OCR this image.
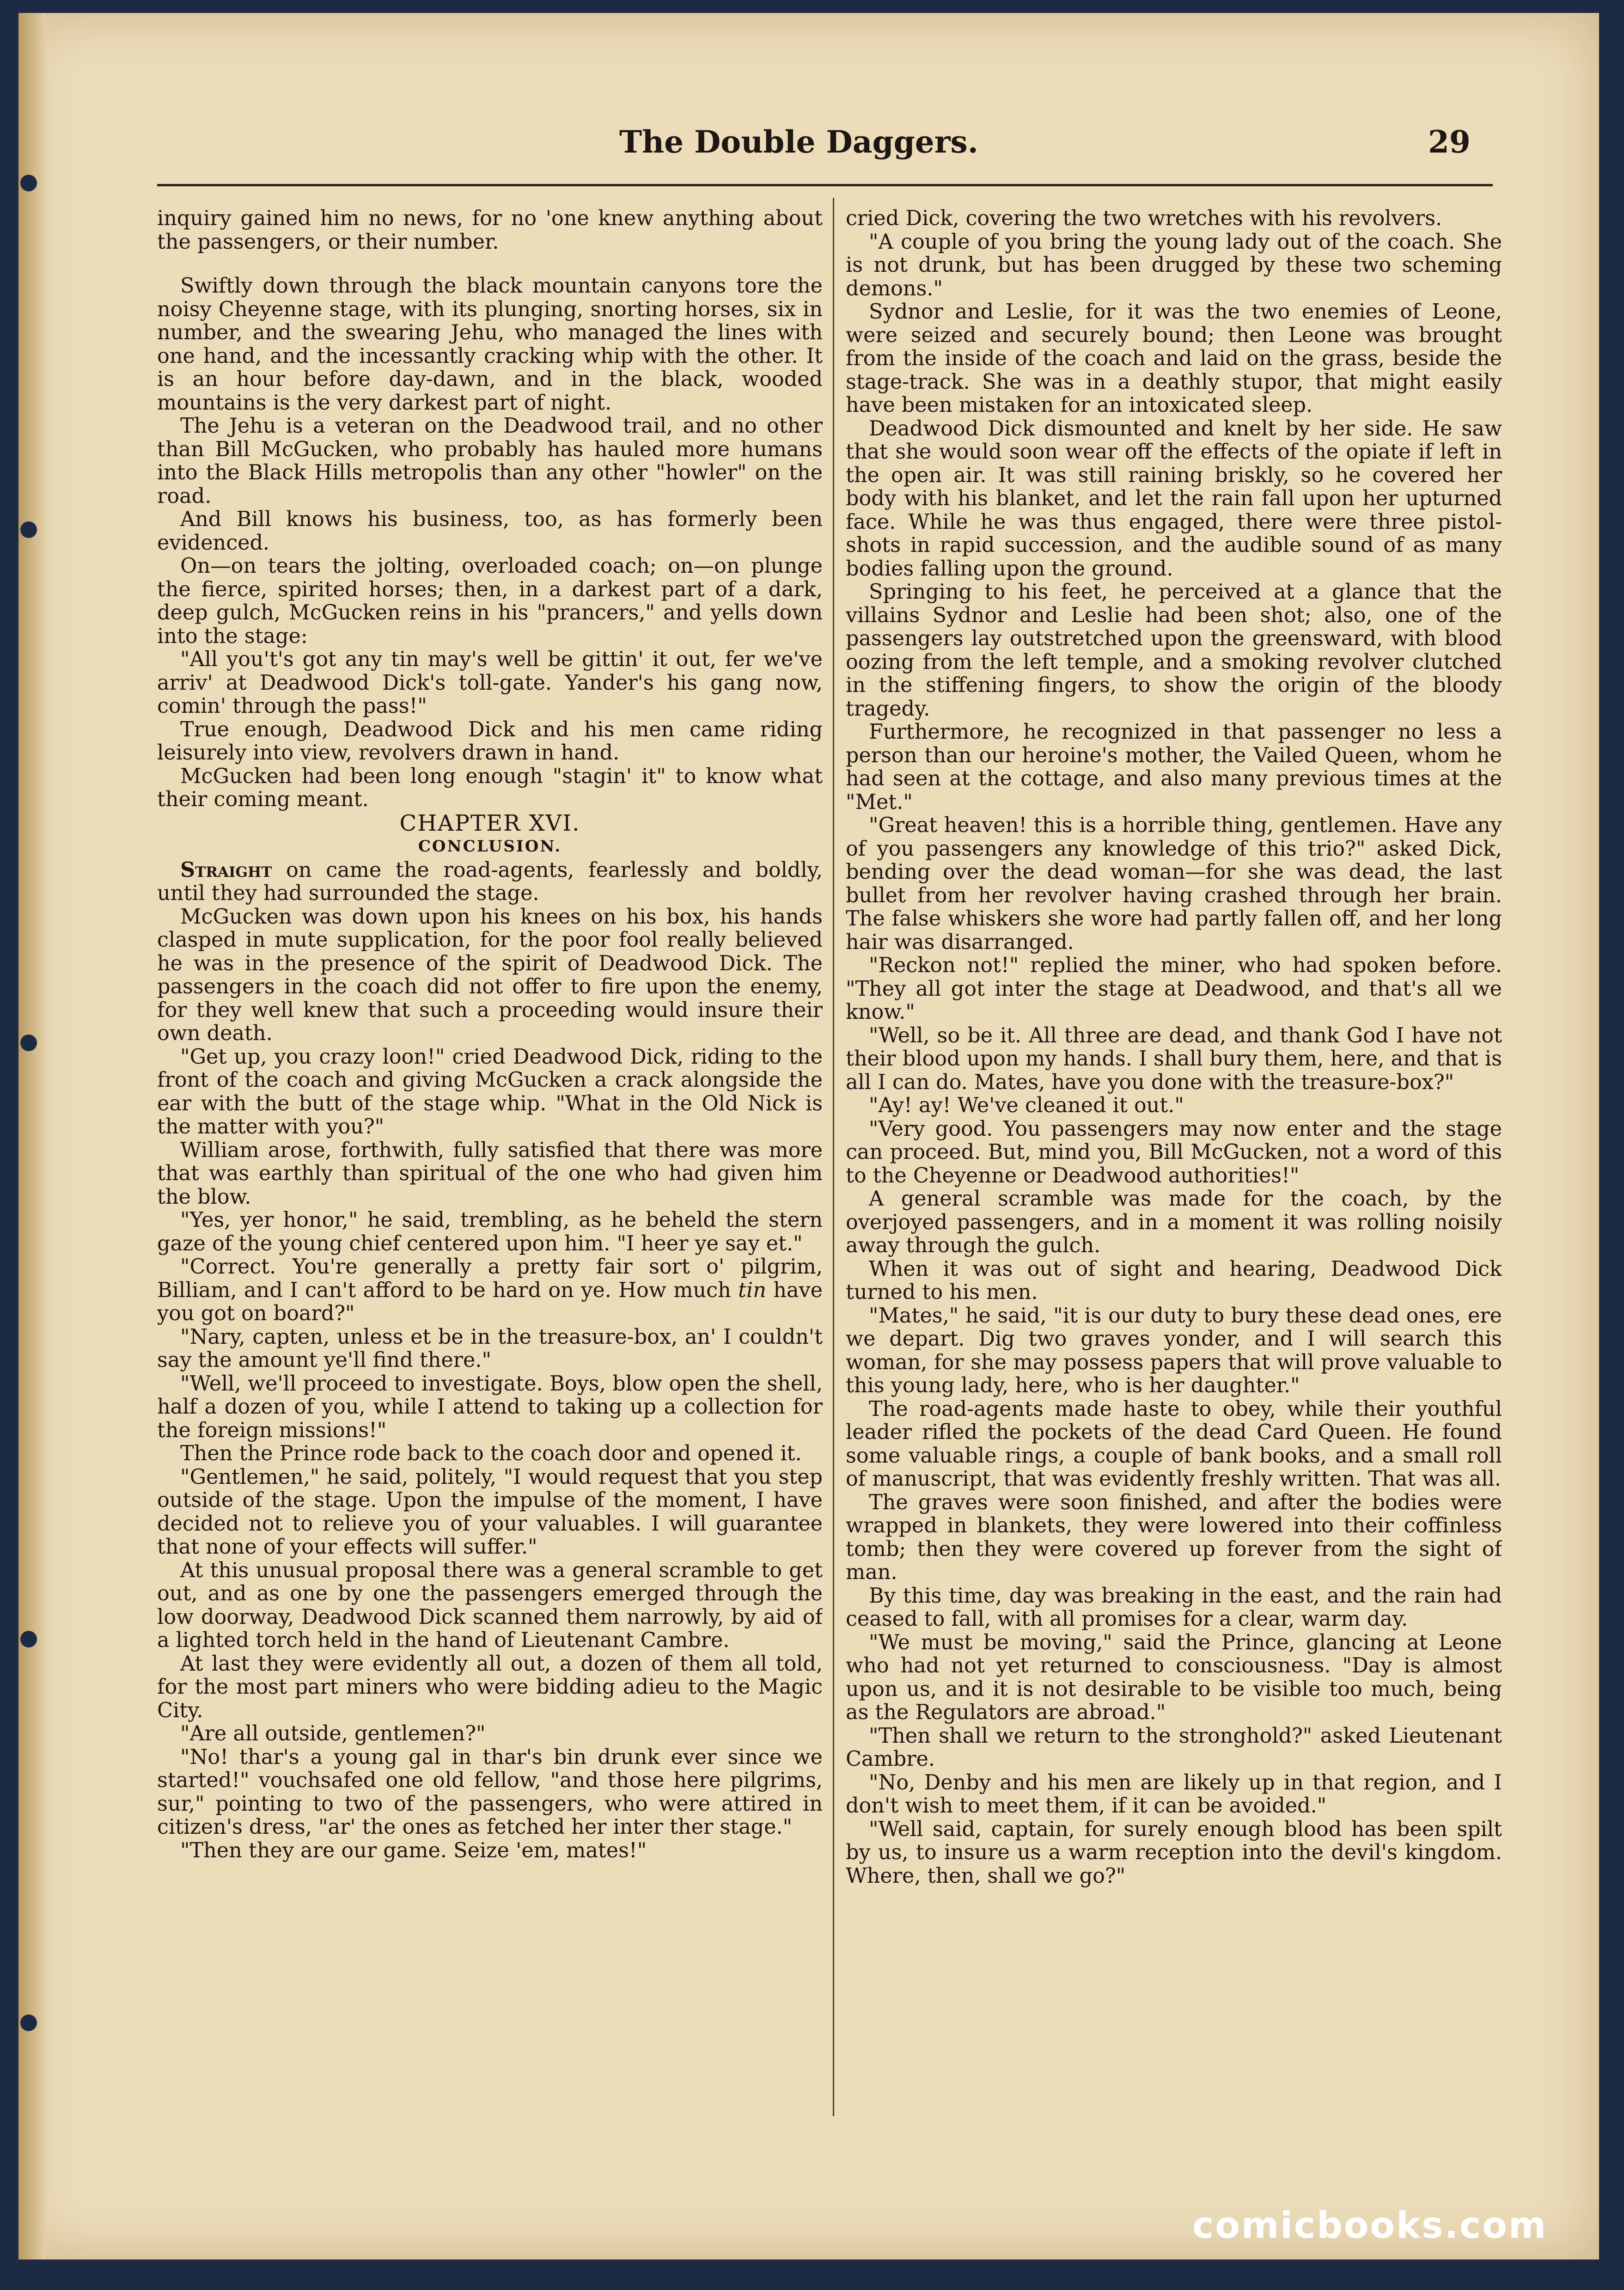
The Double Daggers.	29

inquiry gained him no news, for no 'one knew anything about the passengers, or their number.

Swiftly down through the black mountain canyons tore the noisy Cheyenne stage, with its plunging, snorting horses, six in number, and the swearing Jehu, who managed the lines with one hand, and the incessantly cracking whip with the other. It is an hour before day-dawn, and in the black, wooded mountains is the very darkest part of night.

The Jehu is a veteran on the Deadwood trail, and no other than Bill McGucken, who probably has hauled more humans into the Black Hills metropolis than any other "howler" on the road.

And Bill knows his business, too, as has formerly been evidenced.

On—on tears the jolting, overloaded coach; on—on plunge the fierce, spirited horses; then, in a darkest part of a dark, deep gulch, McGucken reins in his "prancers," and yells down into the stage:

"All you't's got any tin may's well be gittin' it out, fer we've arriv' at Deadwood Dick's toll-gate. Yander's his gang now, comin' through the pass!"

True enough, Deadwood Dick and his men came riding leisurely into view, revolvers drawn in hand.

McGucken had been long enough "stagin' it" to know what their coming meant.

CHAPTER XVI.

CONCLUSION.

Straight on came the road-agents, fearlessly and boldly, until they had surrounded the stage.

McGucken was down upon his knees on his box, his hands clasped in mute supplication, for the poor fool really believed he was in the presence of the spirit of Deadwood Dick. The passengers in the coach did not offer to fire upon the enemy, for they well knew that such a proceeding would insure their own death.

"Get up, you crazy loon!" cried Deadwood Dick, riding to the front of the coach and giving McGucken a crack alongside the ear with the butt of the stage whip. "What in the Old Nick is the matter with you?"

William arose, forthwith, fully satisfied that there was more that was earthly than spiritual of the one who had given him the blow.

"Yes, yer honor," he said, trembling, as he beheld the stern gaze of the young chief centered upon him. "I heer ye say et."

"Correct. You're generally a pretty fair sort o' pilgrim, Billiam, and I can't afford to be hard on ye. How much tin have you got on board?"

"Nary, capten, unless et be in the treasure-box, an' I couldn't say the amount ye'll find there."

"Well, we'll proceed to investigate. Boys, blow open the shell, half a dozen of you, while I attend to taking up a collection for the foreign missions!"

Then the Prince rode back to the coach door and opened it.

"Gentlemen," he said, politely, "I would request that you step outside of the stage. Upon the impulse of the moment, I have decided not to relieve you of your valuables. I will guarantee that none of your effects will suffer."

At this unusual proposal there was a general scramble to get out, and as one by one the passengers emerged through the low doorway, Deadwood Dick scanned them narrowly, by aid of a lighted torch held in the hand of Lieutenant Cambre.

At last they were evidently all out, a dozen of them all told, for the most part miners who were bidding adieu to the Magic City.

"Are all outside, gentlemen?"

"No! thar's a young gal in thar's bin drunk ever since we started!" vouchsafed one old fellow, "and those here pilgrims, sur," pointing to two of the passengers, who were attired in citizen's dress, "ar' the ones as fetched her inter ther stage."

"Then they are our game. Seize 'em, mates!"

cried Dick, covering the two wretches with his revolvers.

"A couple of you bring the young lady out of the coach. She is not drunk, but has been drugged by these two scheming demons."

Sydnor and Leslie, for it was the two enemies of Leone, were seized and securely bound; then Leone was brought from the inside of the coach and laid on the grass, beside the stage-track. She was in a deathly stupor, that might easily have been mistaken for an intoxicated sleep.

Deadwood Dick dismounted and knelt by her side. He saw that she would soon wear off the effects of the opiate if left in the open air. It was still raining briskly, so he covered her body with his blanket, and let the rain fall upon her upturned face. While he was thus engaged, there were three pistol-shots in rapid succession, and the audible sound of as many bodies falling upon the ground.

Springing to his feet, he perceived at a glance that the villains Sydnor and Leslie had been shot; also, one of the passengers lay outstretched upon the greensward, with blood oozing from the left temple, and a smoking revolver clutched in the stiffening fingers, to show the origin of the bloody tragedy.

Furthermore, he recognized in that passenger no less a person than our heroine's mother, the Vailed Queen, whom he had seen at the cottage, and also many previous times at the "Met."

"Great heaven! this is a horrible thing, gentlemen. Have any of you passengers any knowledge of this trio?" asked Dick, bending over the dead woman—for she was dead, the last bullet from her revolver having crashed through her brain. The false whiskers she wore had partly fallen off, and her long hair was disarranged.

"Reckon not!" replied the miner, who had spoken before. "They all got inter the stage at Deadwood, and that's all we know."

"Well, so be it. All three are dead, and thank God I have not their blood upon my hands. I shall bury them, here, and that is all I can do. Mates, have you done with the treasure-box?"

"Ay! ay! We've cleaned it out."

"Very good. You passengers may now enter and the stage can proceed. But, mind you, Bill McGucken, not a word of this to the Cheyenne or Deadwood authorities!"

A general scramble was made for the coach, by the overjoyed passengers, and in a moment it was rolling noisily away through the gulch.

When it was out of sight and hearing, Deadwood Dick turned to his men.

"Mates," he said, "it is our duty to bury these dead ones, ere we depart. Dig two graves yonder, and I will search this woman, for she may possess papers that will prove valuable to this young lady, here, who is her daughter."

The road-agents made haste to obey, while their youthful leader rifled the pockets of the dead Card Queen. He found some valuable rings, a couple of bank books, and a small roll of manuscript, that was evidently freshly written. That was all.

The graves were soon finished, and after the bodies were wrapped in blankets, they were lowered into their coffinless tomb; then they were covered up forever from the sight of man.

By this time, day was breaking in the east, and the rain had ceased to fall, with all promises for a clear, warm day.

"We must be moving," said the Prince, glancing at Leone who had not yet returned to consciousness. "Day is almost upon us, and it is not desirable to be visible too much, being as the Regulators are abroad."

"Then shall we return to the stronghold?" asked Lieutenant Cambre.

"No, Denby and his men are likely up in that region, and I don't wish to meet them, if it can be avoided."

"Well said, captain, for surely enough blood has been spilt by us, to insure us a warm reception into the devil's kingdom. Where, then, shall we go?"

comicbooks.com
